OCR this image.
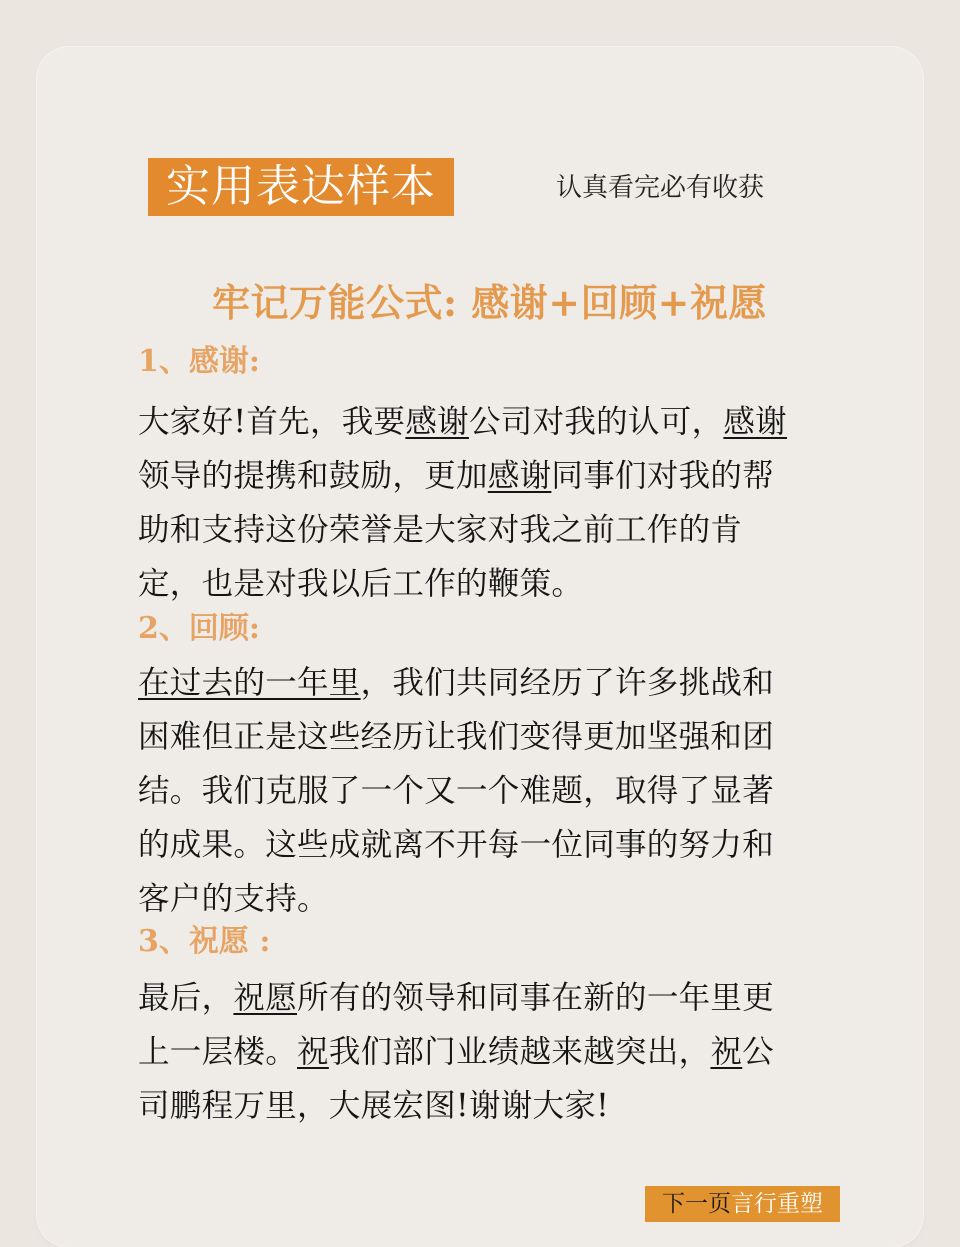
实用表达样本	认真看完必有收获
牢记万能公式: 感谢+回顾+祝愿
1、感谢:
大家好!首先，我要感谢公司对我的认可，感谢
领导的提携和鼓励，更加感谢同事们对我的帮
助和支持这份荣誉是大家对我之前工作的肯
定，也是对我以后工作的鞭策。
2、回顾:
在过去的一年里，我们共同经历了许多挑战和
困难但正是这些经历让我们变得更加坚强和团
结。我们克服了一个又一个难题，取得了显著
的成果。这些成就离不开每一位同事的努力和
客户的支持。
3、祝愿 :
最后，祝愿所有的领导和同事在新的一年里更
上一层楼。祝我们部门业绩越来越突出，祝公
司鹏程万里，大展宏图!谢谢大家!
下一页言行重塑
